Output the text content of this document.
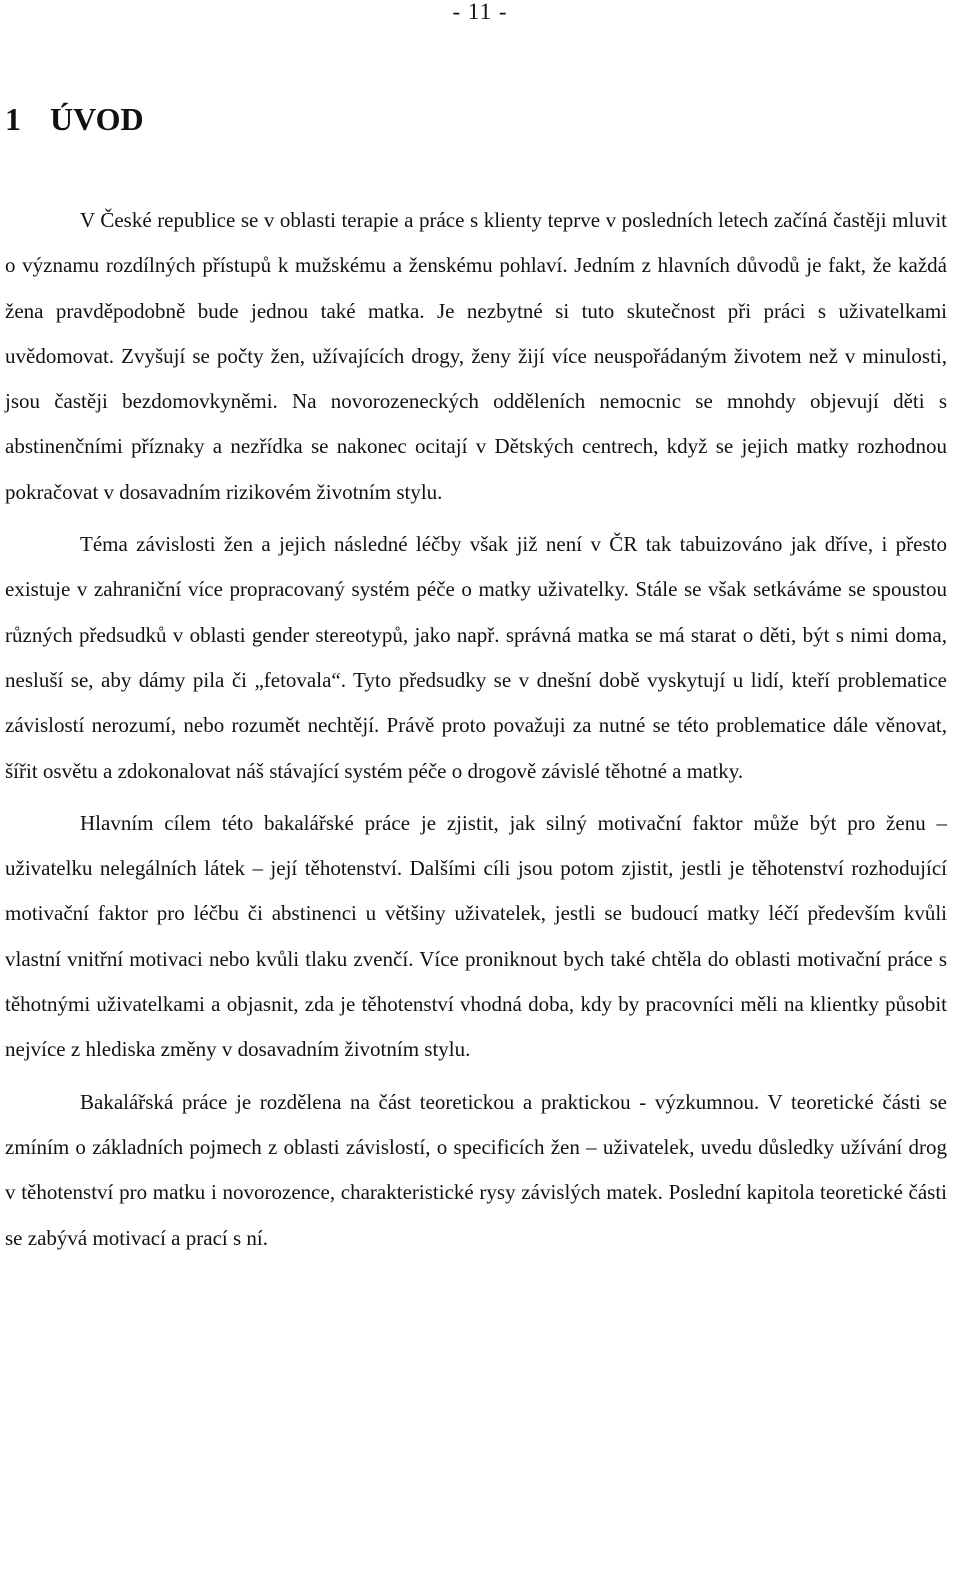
- 11 -
1 ÚVOD

V České republice se v oblasti terapie a práce s klienty teprve v posledních letech začíná častěji mluvit o významu rozdílných přístupů k mužskému a ženskému pohlaví. Jedním z hlavních důvodů je fakt, že každá žena pravděpodobně bude jednou také matka. Je nezbytné si tuto skutečnost při práci s uživatelkami uvědomovat. Zvyšují se počty žen, užívajících drogy, ženy žijí více neuspořádaným životem než v minulosti, jsou častěji bezdomovkyněmi. Na novorozeneckých odděleních nemocnic se mnohdy objevují děti s abstinenčními příznaky a nezřídka se nakonec ocitají v Dětských centrech, když se jejich matky rozhodnou pokračovat v dosavadním rizikovém životním stylu.

Téma závislosti žen a jejich následné léčby však již není v ČR tak tabuizováno jak dříve, i přesto existuje v zahraniční více propracovaný systém péče o matky uživatelky. Stále se však setkáváme se spoustou různých předsudků v oblasti gender stereotypů, jako např. správná matka se má starat o děti, být s nimi doma, nesluší se, aby dámy pila či „fetovala“. Tyto předsudky se v dnešní době vyskytují u lidí, kteří problematice závislostí nerozumí, nebo rozumět nechtějí. Právě proto považuji za nutné se této problematice dále věnovat, šířit osvětu a zdokonalovat náš stávající systém péče o drogově závislé těhotné a matky.

Hlavním cílem této bakalářské práce je zjistit, jak silný motivační faktor může být pro ženu – uživatelku nelegálních látek – její těhotenství. Dalšími cíli jsou potom zjistit, jestli je těhotenství rozhodující motivační faktor pro léčbu či abstinenci u většiny uživatelek, jestli se budoucí matky léčí především kvůli vlastní vnitřní motivaci nebo kvůli tlaku zvenčí. Více proniknout bych také chtěla do oblasti motivační práce s těhotnými uživatelkami a objasnit, zda je těhotenství vhodná doba, kdy by pracovníci měli na klientky působit nejvíce z hlediska změny v dosavadním životním stylu.

Bakalářská práce je rozdělena na část teoretickou a praktickou - výzkumnou. V teoretické části se zmíním o základních pojmech z oblasti závislostí, o specificích žen – uživatelek, uvedu důsledky užívání drog v těhotenství pro matku i novorozence, charakteristické rysy závislých matek. Poslední kapitola teoretické části se zabývá motivací a prací s ní.
